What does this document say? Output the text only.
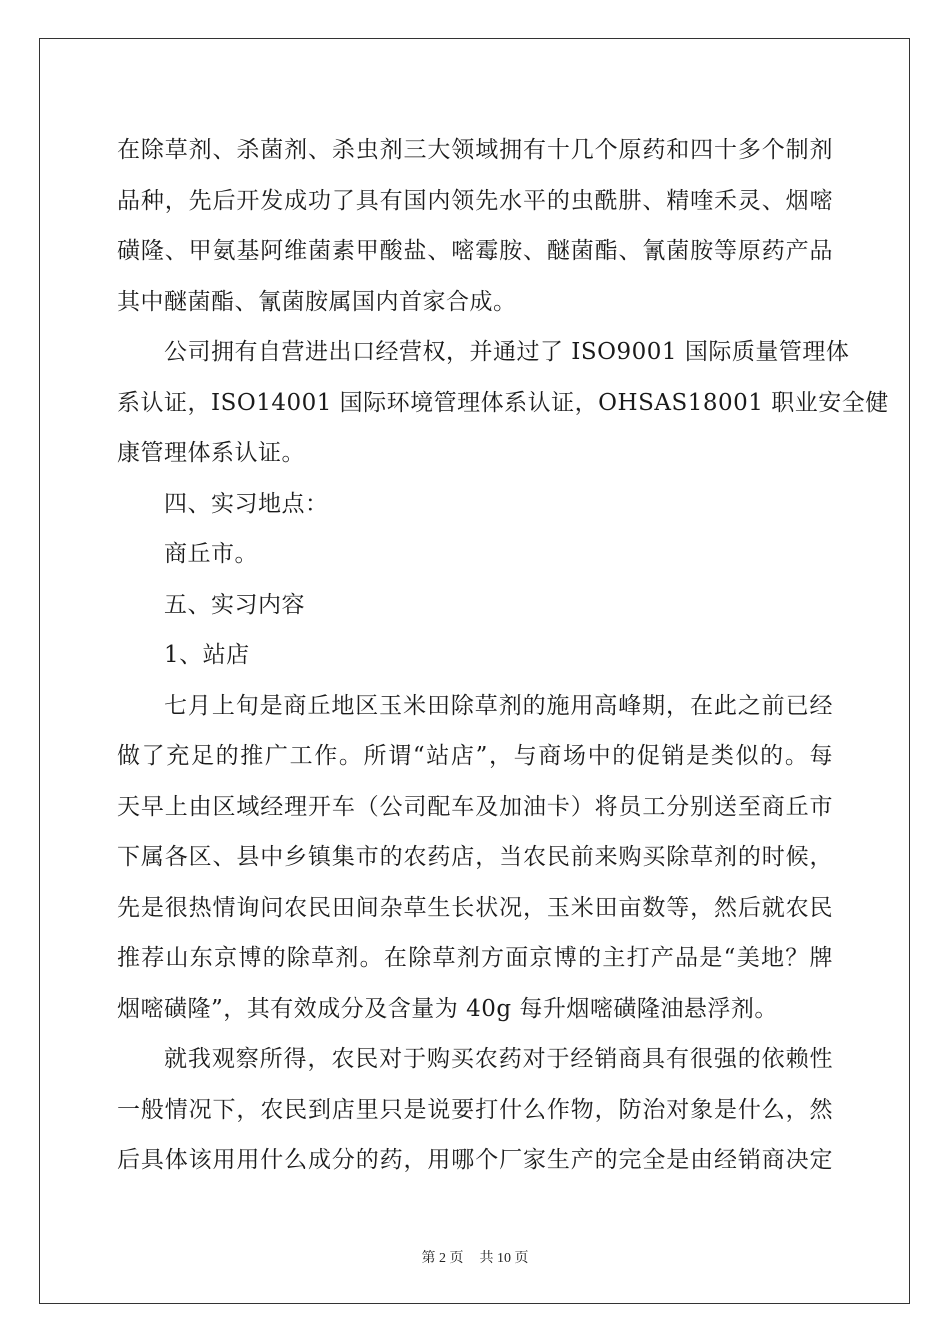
在除草剂、杀菌剂、杀虫剂三大领域拥有十几个原药和四十多个制剂
品种，先后开发成功了具有国内领先水平的虫酰肼、精喹禾灵、烟嘧
磺隆、甲氨基阿维菌素甲酸盐、嘧霉胺、醚菌酯、氰菌胺等原药产品
其中醚菌酯、氰菌胺属国内首家合成。
公司拥有自营进出口经营权，并通过了 ISO9001 国际质量管理体
系认证，ISO14001 国际环境管理体系认证，OHSAS18001 职业安全健
康管理体系认证。
四、实习地点：
商丘市。
五、实习内容
1、站店
七月上旬是商丘地区玉米田除草剂的施用高峰期，在此之前已经
做了充足的推广工作。所谓“站店”，与商场中的促销是类似的。每
天早上由区域经理开车（公司配车及加油卡）将员工分别送至商丘市
下属各区、县中乡镇集市的农药店，当农民前来购买除草剂的时候，
先是很热情询问农民田间杂草生长状况，玉米田亩数等，然后就农民
推荐山东京博的除草剂。在除草剂方面京博的主打产品是“美地？牌
烟嘧磺隆”，其有效成分及含量为 40g 每升烟嘧磺隆油悬浮剂。
就我观察所得，农民对于购买农药对于经销商具有很强的依赖性
一般情况下，农民到店里只是说要打什么作物，防治对象是什么，然
后具体该用用什么成分的药，用哪个厂家生产的完全是由经销商决定
第 2 页 共 10 页
